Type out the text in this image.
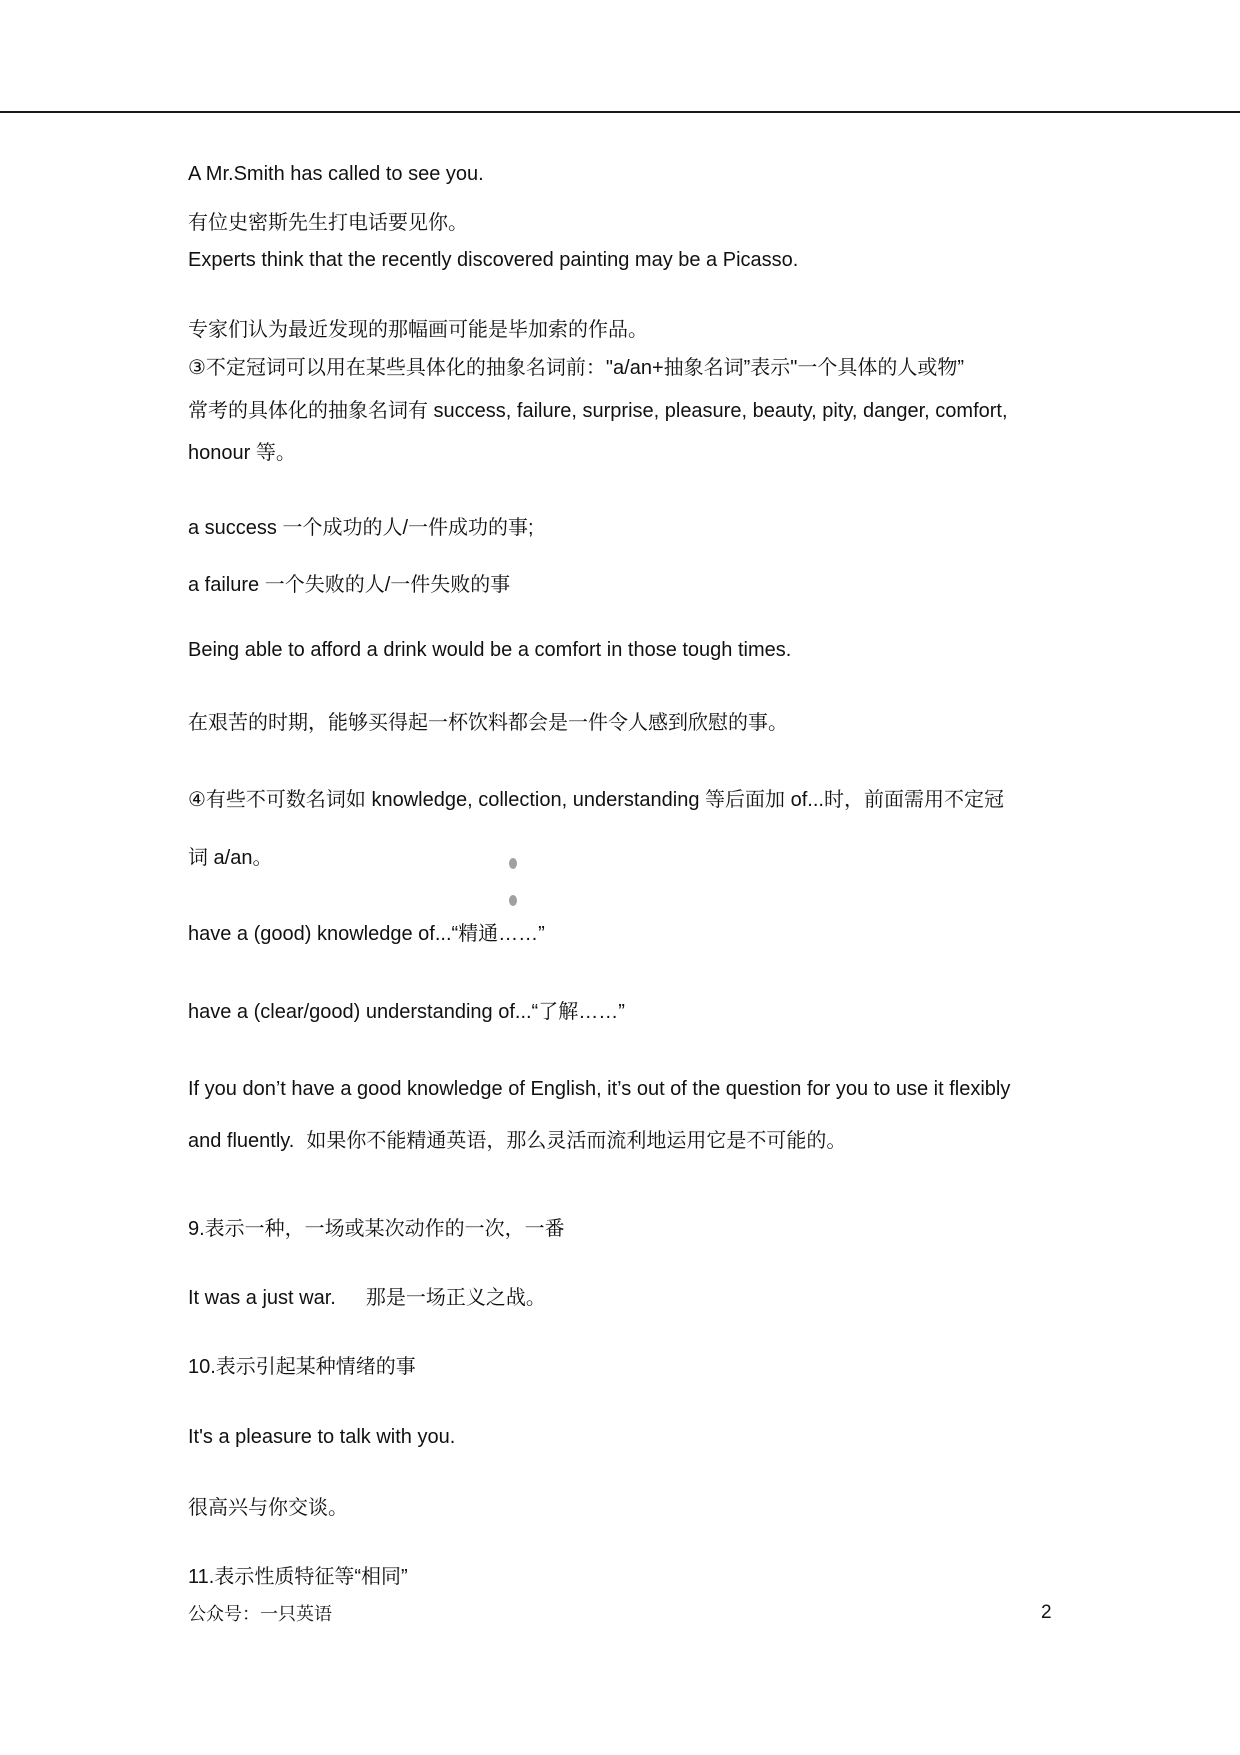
A Mr.Smith has called to see you.
有位史密斯先生打电话要见你。
Experts think that the recently discovered painting may be a Picasso.
专家们认为最近发现的那幅画可能是毕加索的作品。
③不定冠词可以用在某些具体化的抽象名词前："a/an+抽象名词”表示"一个具体的人或物”
常考的具体化的抽象名词有 success, failure, surprise, pleasure, beauty, pity, danger, comfort,
honour 等。
a success 一个成功的人/一件成功的事;
a failure 一个失败的人/一件失败的事
Being able to afford a drink would be a comfort in those tough times.
在艰苦的时期，能够买得起一杯饮料都会是一件令人感到欣慰的事。
④有些不可数名词如 knowledge, collection, understanding 等后面加 of...时，前面需用不定冠
词 a/an。
have a (good) knowledge of...“精通……”
have a (clear/good) understanding of...“了解……”
If you don’t have a good knowledge of English, it’s out of the question for you to use it flexibly
and fluently. 如果你不能精通英语，那么灵活而流利地运用它是不可能的。
9.表示一种，一场或某次动作的一次，一番
It was a just war. 那是一场正义之战。
10.表示引起某种情绪的事
It's a pleasure to talk with you.
很高兴与你交谈。
11.表示性质特征等“相同”
公众号：一只英语	2
